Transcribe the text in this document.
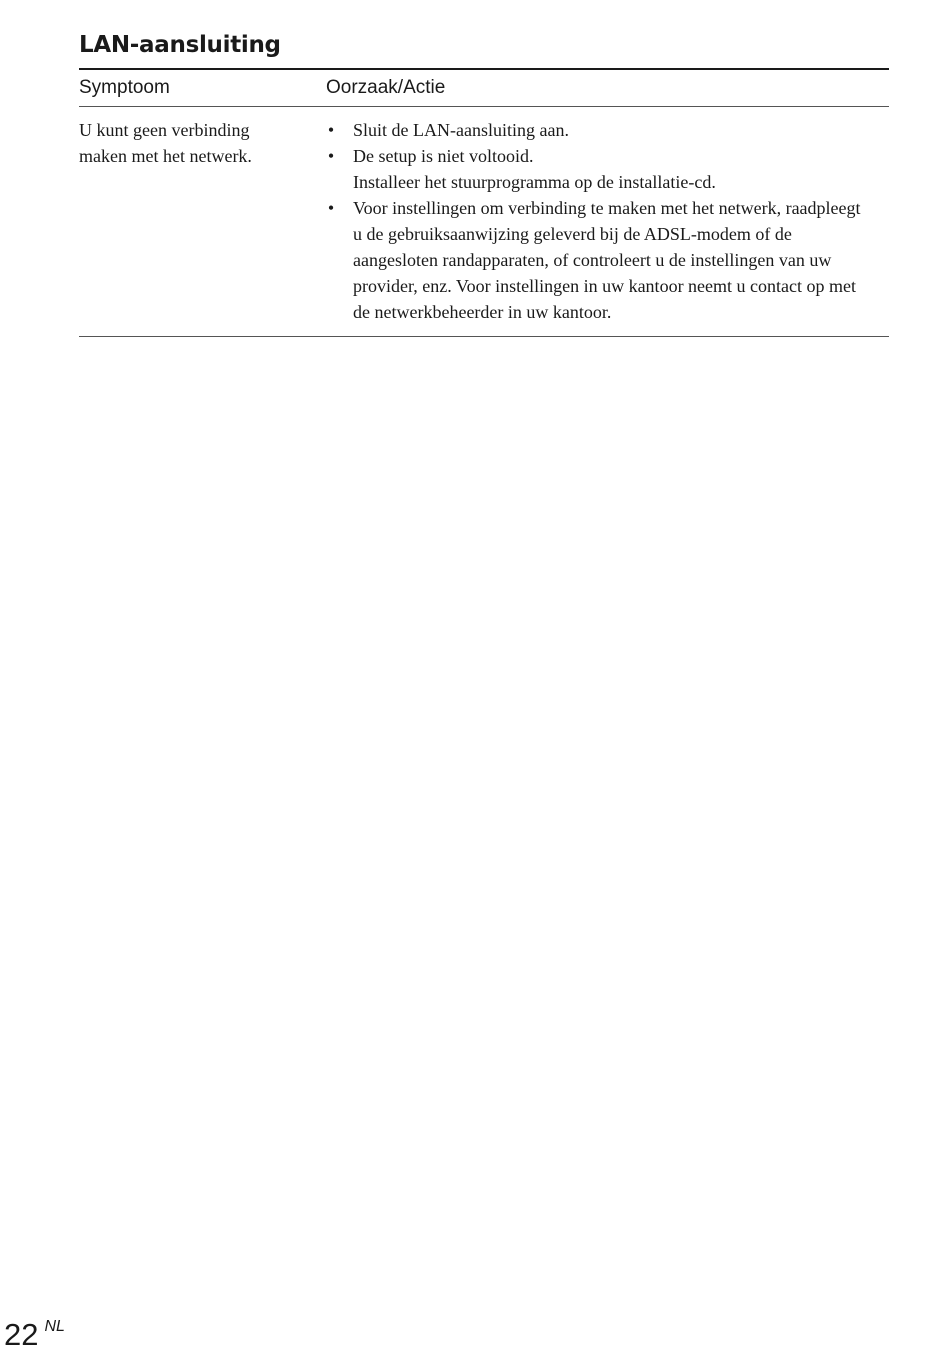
LAN-aansluiting
Symptoom	Oorzaak/Actie
U kunt geen verbinding
maken met het netwerk.
• Sluit de LAN-aansluiting aan.
• De setup is niet voltooid.
Installeer het stuurprogramma op de installatie-cd.
• Voor instellingen om verbinding te maken met het netwerk, raadpleegt
u de gebruiksaanwijzing geleverd bij de ADSL-modem of de
aangesloten randapparaten, of controleert u de instellingen van uw
provider, enz. Voor instellingen in uw kantoor neemt u contact op met
de netwerkbeheerder in uw kantoor.
22 NL
